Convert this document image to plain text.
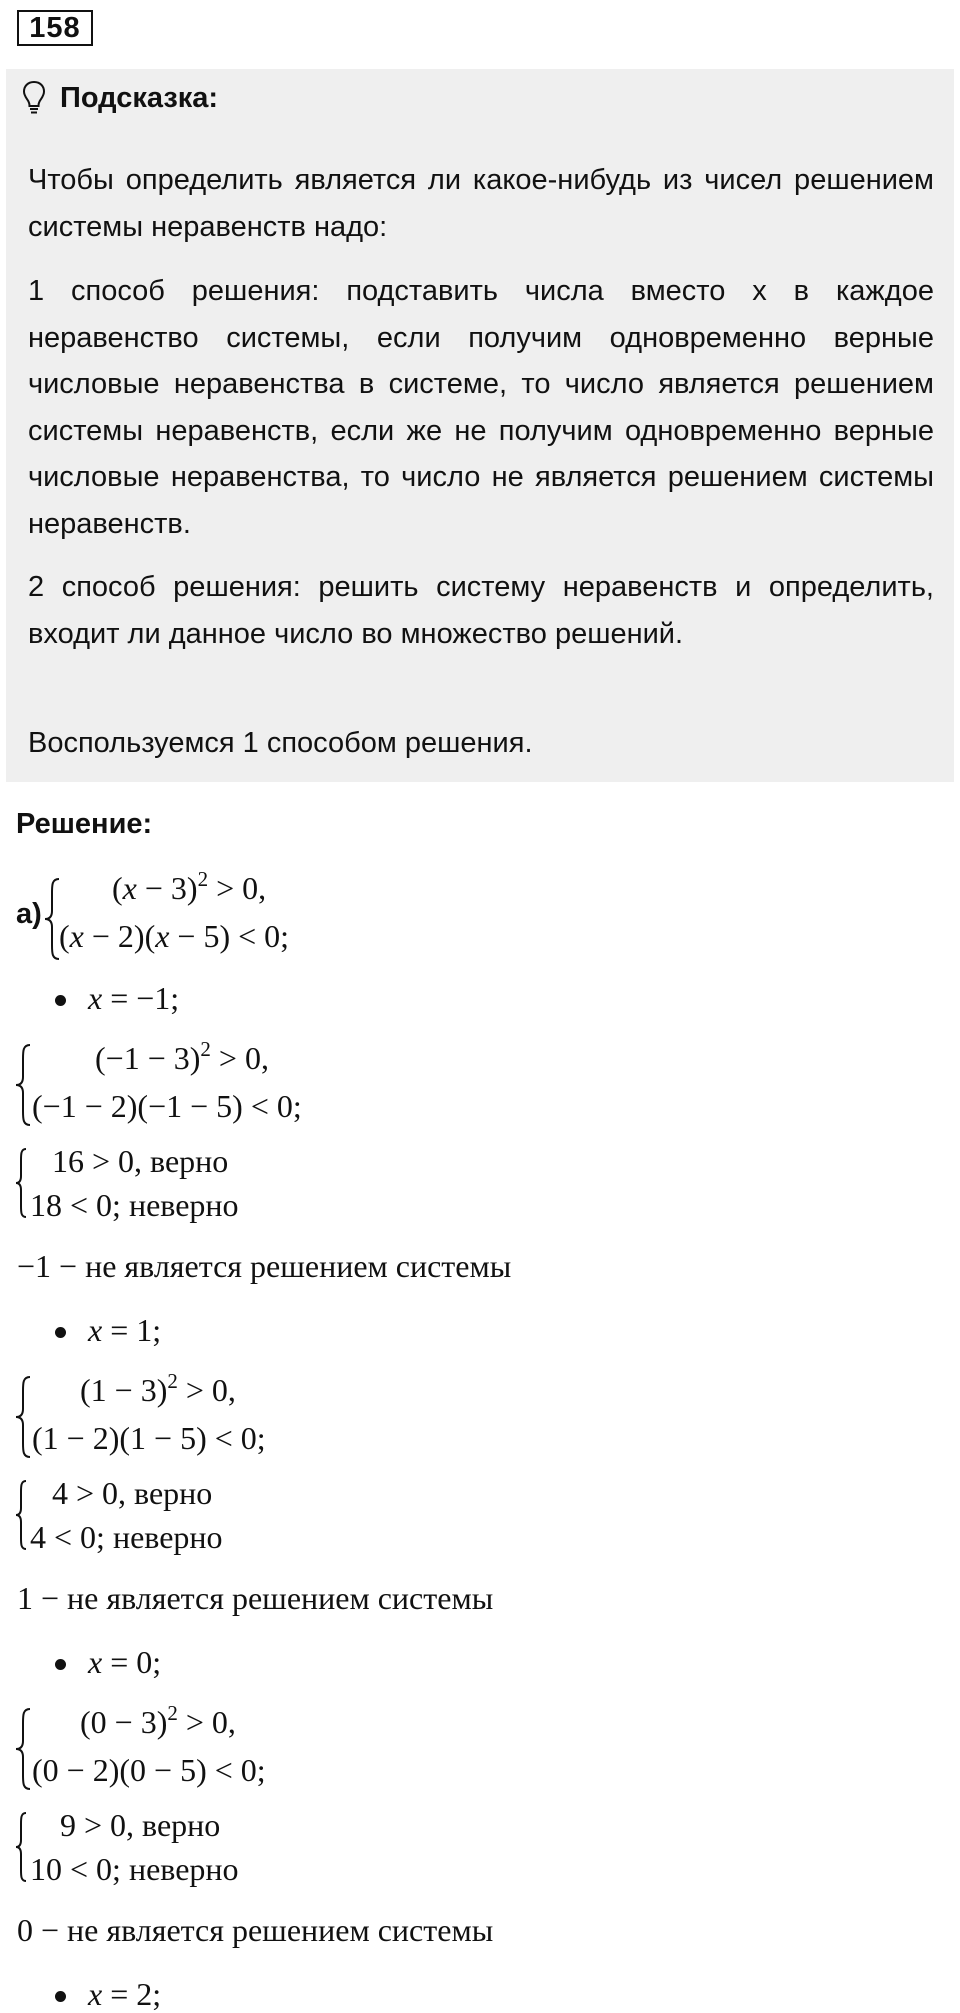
158
Подсказка:

Чтобы определить является ли какое-нибудь из чисел решением системы неравенств надо:

1 способ решения: подставить числа вместо x в каждое неравенство системы, если получим одновременно верные числовые неравенства в системе, то число является решением системы неравенств, если же не получим одновременно верные числовые неравенства, то число не является решением системы неравенств.

2 способ решения: решить систему неравенств и определить, входит ли данное число во множество решений.

Воспользуемся 1 способом решения.

Решение:
а)
$(x - 3)^2 > 0$,
(x − 2)(x − 5) < 0;
x = −1;
$(-1 - 3)^2 > 0$,
(−1 − 2)(−1 − 5) < 0;
16 > 0, верно
18 < 0; неверно
−1 − не является решением системы
x = 1;
$(1 - 3)^2 > 0$,
(1 − 2)(1 − 5) < 0;
4 > 0, верно
4 < 0; неверно
1 − не является решением системы
x = 0;
$(0 - 3)^2 > 0$,
(0 − 2)(0 − 5) < 0;
9 > 0, верно
10 < 0; неверно
0 − не является решением системы
x = 2;
